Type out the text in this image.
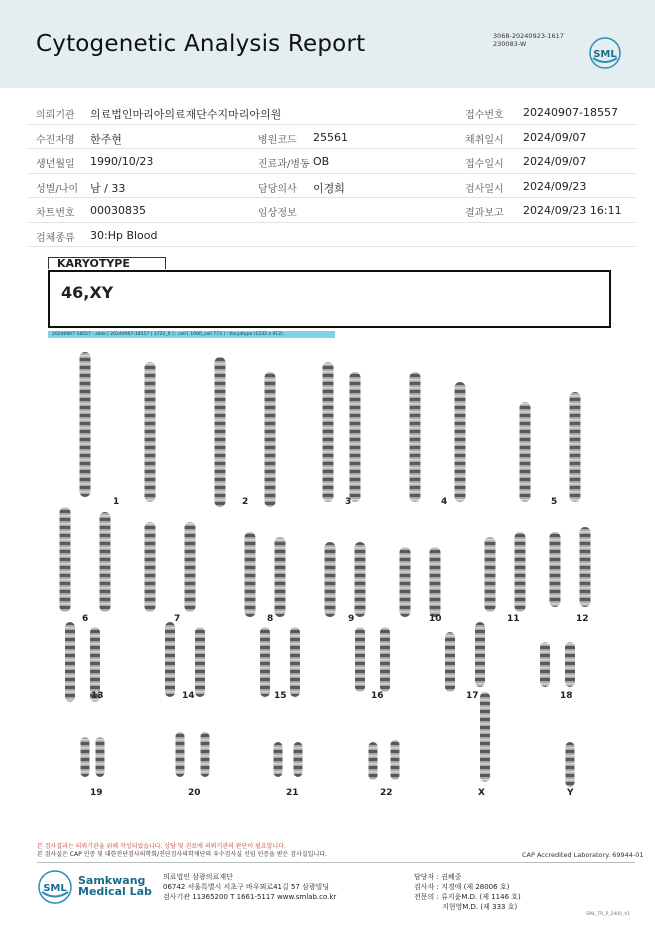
Cytogenetic Analysis Report	3068-20240923-1617
230083-W
SML
의뢰기관 의료법인마리아의료재단수지마리아의원	접수번호 20240907-18557
수진자명 한주현	병원코드 25561	채취일시 2024/09/07
생년월일 1990/10/23	진료과/병동 OB	접수일시 2024/09/07
성별/나이 남 / 33	담당의사 이경희	검사일시 2024/09/23
차트번호 00030835	임상정보	결과보고 2024/09/23 16:11
검체종류 30:Hp Blood
KARYOTYPE
46,XY
20240907-18557 - slide [ 20240907-18557 [ 1722_0 ] ; cell [ 1000_cell 773 ] : Karyotype (1232 x 912)
1	2	3	4	5
6	7	8	9	10	11	12
13	14	15	16	17	18
19	20	21	22	X	Y
본 검사결과는 의뢰기관을 위해 작성되었습니다. 상담 및 진료에 의뢰기관의 판단이 필요합니다.
본 검사실은 CAP 인증 및 대한진단검사의학회/진단검사의학재단의 우수검사실 신임 인증을 받은 검사실입니다.	CAP Accredited Laboratory. 69944-01
SML
Samkwang
Medical Lab
의료법인 삼광의료재단
06742 서울특별시 서초구 바우뫼로41길 57 삼광빌딩
검사기관 11365200 T 1661-5117 www.smlab.co.kr
담당자 : 권혜중
검사자 : 지경애 (제 28006 호)
전문의 : 류지윤M.D. (제 1146 호)
지현영M.D. (제 333 호)
SML_TR_P_2400_V1
